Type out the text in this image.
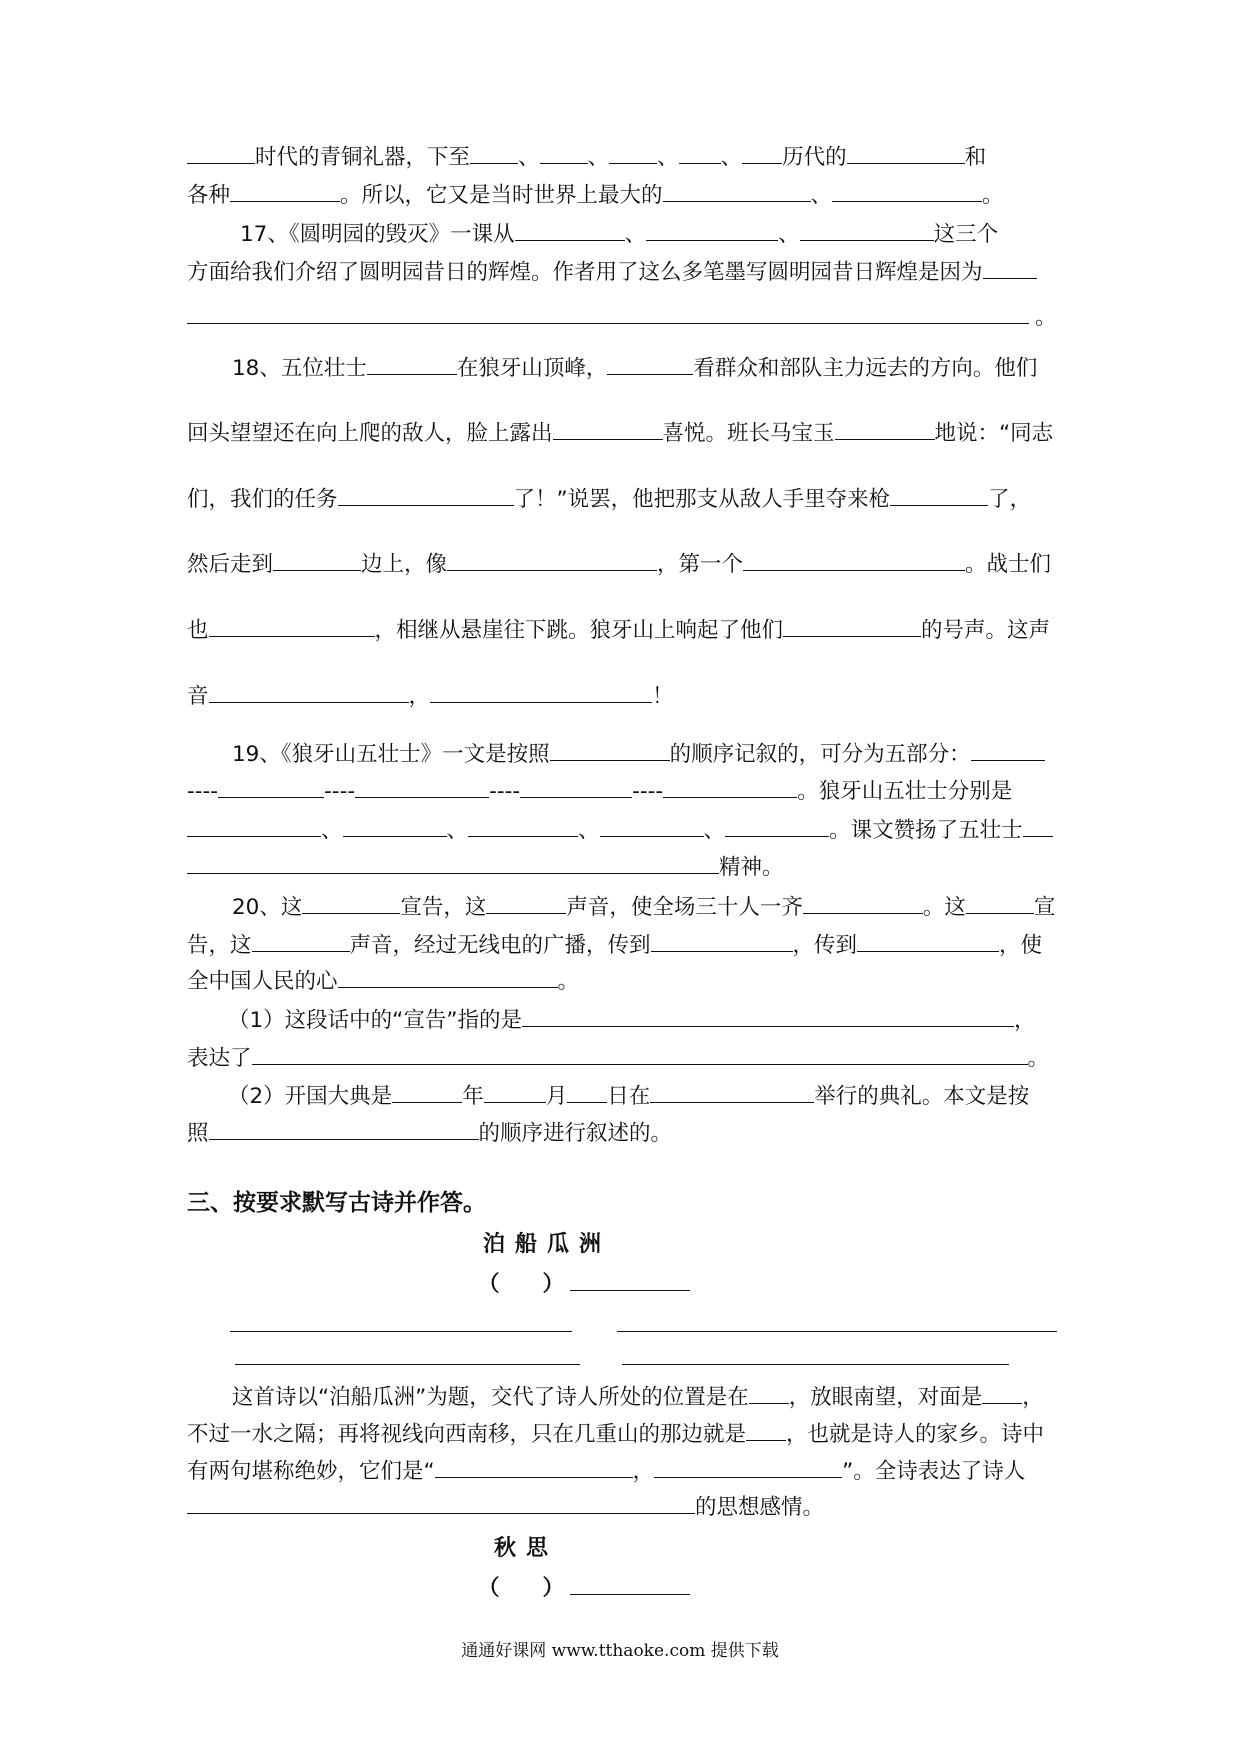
时代的青铜礼器，下至 、 、 、 、 历代的	和
各种	。所以，它又是当时世界上最大的	、	。
17、《圆明园的毁灭》一课从	、	、	这三个
方面给我们介绍了圆明园昔日的辉煌。作者用了这么多笔墨写圆明园昔日辉煌是因为
。
18、五位壮士	在狼牙山顶峰，	看群众和部队主力远去的方向。他们
回头望望还在向上爬的敌人，脸上露出	喜悦。班长马宝玉	地说：“同志
们，我们的任务	了！”说罢，他把那支从敌人手里夺来枪	了，
然后走到	边上，像	，第一个	。战士们
也	，相继从悬崖往下跳。狼牙山上响起了他们	的号声。这声
音	，	！
19、《狼牙山五壮士》一文是按照	的顺序记叙的，可分为五部分：
----	----	----	----	。狼牙山五壮士分别是
、	、	、	、	。课文赞扬了五壮士
精神。
20、这	宣告，这	声音，使全场三十人一齐	。这	宣
告，这	声音，经过无线电的广播，传到	，传到	，使
全中国人民的心	。
（1）这段话中的“宣告”指的是	，
表达了	。
（2）开国大典是	年	月 日在	举行的典礼。本文是按
照	的顺序进行叙述的。
三、按要求默写古诗并作答。
泊船瓜洲
（　　）
这首诗以“泊船瓜洲”为题，交代了诗人所处的位置是在 ，放眼南望，对面是 ，
不过一水之隔；再将视线向西南移，只在几重山的那边就是 ，也就是诗人的家乡。诗中
有两句堪称绝妙，它们是“	，	”。全诗表达了诗人
的思想感情。
秋思
（　　）
通通好课网 www.tthaoke.com 提供下载
